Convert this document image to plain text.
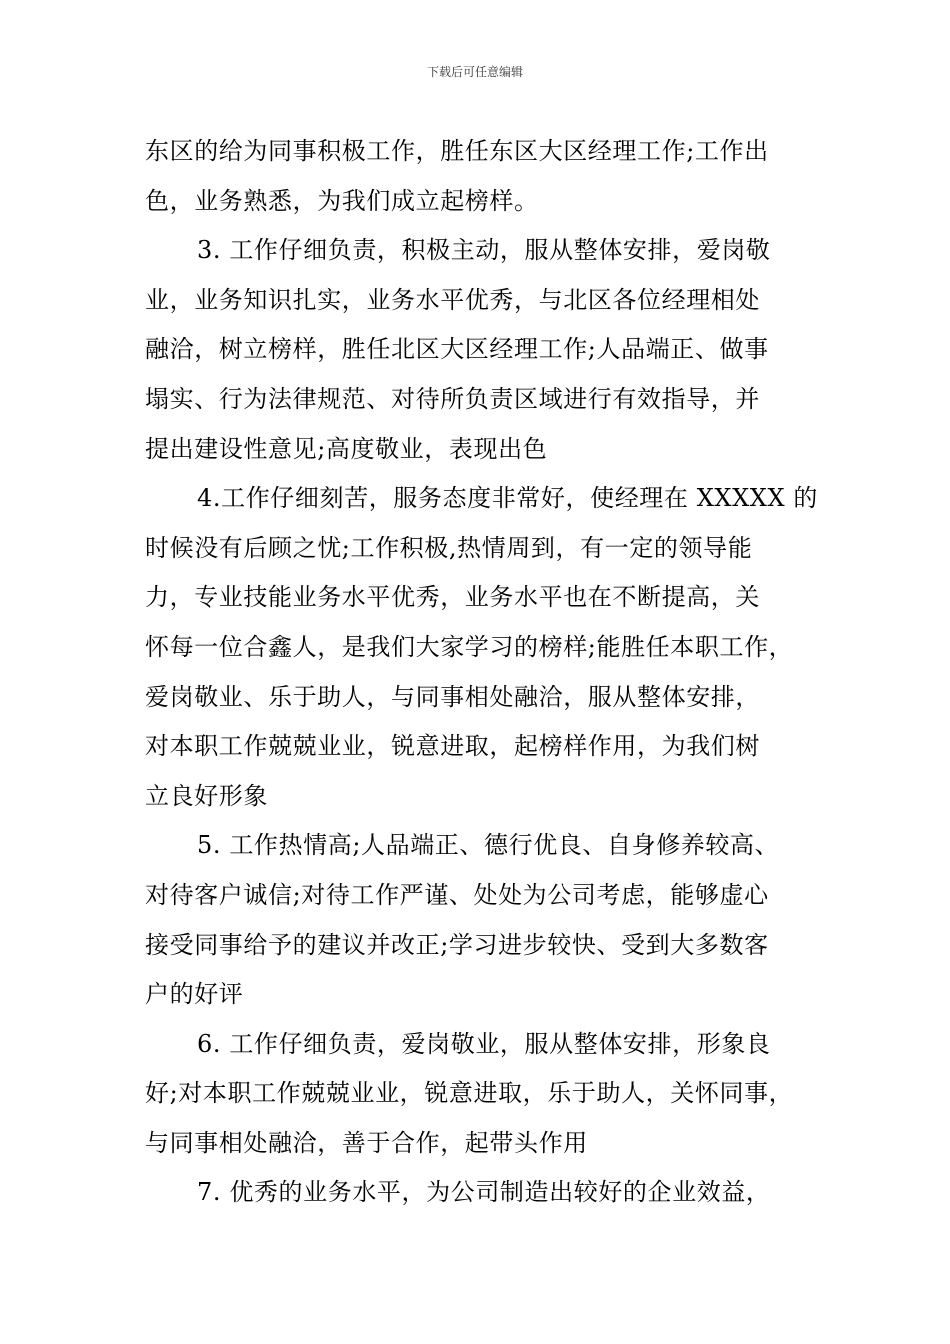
下载后可任意编辑
东区的给为同事积极工作，胜任东区大区经理工作;工作出
色，业务熟悉，为我们成立起榜样。
3. 工作仔细负责，积极主动，服从整体安排，爱岗敬
业，业务知识扎实，业务水平优秀，与北区各位经理相处
融洽，树立榜样，胜任北区大区经理工作;人品端正、做事
塌实、行为法律规范、对待所负责区域进行有效指导，并
提出建设性意见;高度敬业，表现出色
4.工作仔细刻苦，服务态度非常好，使经理在 XXXXX 的
时候没有后顾之忧;工作积极,热情周到，有一定的领导能
力，专业技能业务水平优秀，业务水平也在不断提高，关
怀每一位合鑫人，是我们大家学习的榜样;能胜任本职工作，
爱岗敬业、乐于助人，与同事相处融洽，服从整体安排，
对本职工作兢兢业业，锐意进取，起榜样作用，为我们树
立良好形象
5. 工作热情高;人品端正、德行优良、自身修养较高、
对待客户诚信;对待工作严谨、处处为公司考虑，能够虚心
接受同事给予的建议并改正;学习进步较快、受到大多数客
户的好评
6. 工作仔细负责，爱岗敬业，服从整体安排，形象良
好;对本职工作兢兢业业，锐意进取，乐于助人，关怀同事，
与同事相处融洽，善于合作，起带头作用
7. 优秀的业务水平，为公司制造出较好的企业效益，
